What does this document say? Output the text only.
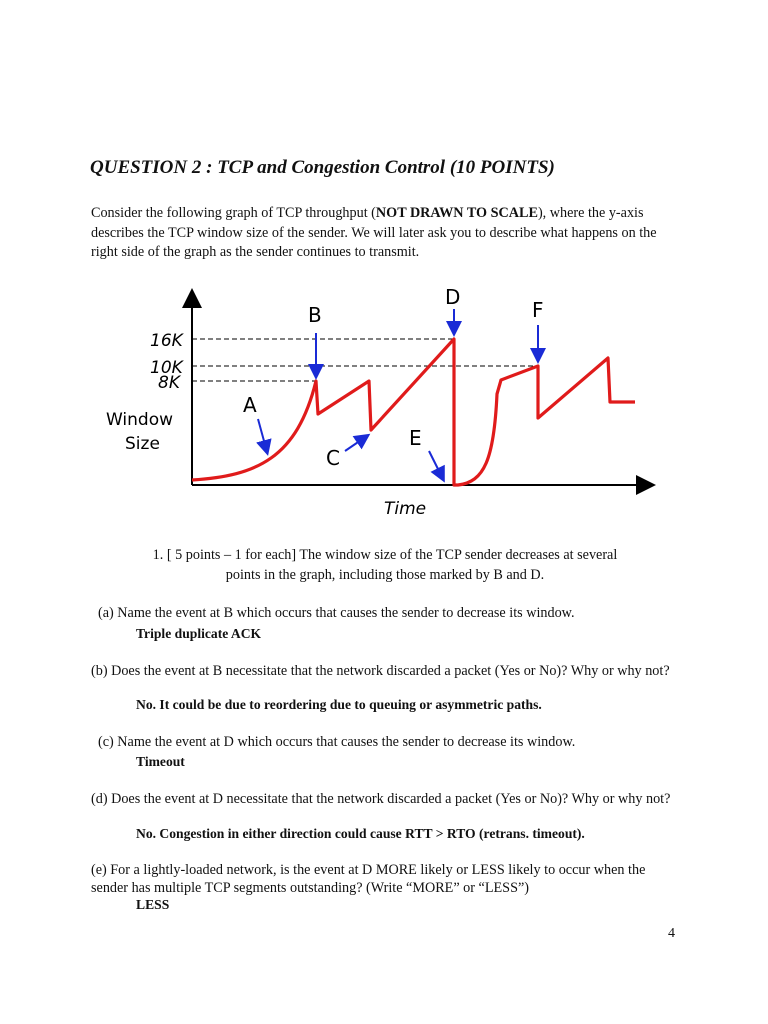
QUESTION 2 : TCP and Congestion Control (10 POINTS)
Consider the following graph of TCP throughput (NOT DRAWN TO SCALE), where the y-axis describes the TCP window size of the sender. We will later ask you to describe what happens on the right side of the graph as the sender continues to transmit.
16K
10K
8K
Window
Size
Time
A
B
C
D
E
F
1. [ 5 points – 1 for each] The window size of the TCP sender decreases at several
points in the graph, including those marked by B and D.
(a) Name the event at B which occurs that causes the sender to decrease its window.
Triple duplicate ACK
(b) Does the event at B necessitate that the network discarded a packet (Yes or No)? Why or why not?
No. It could be due to reordering due to queuing or asymmetric paths.
(c) Name the event at D which occurs that causes the sender to decrease its window.
Timeout
(d) Does the event at D necessitate that the network discarded a packet (Yes or No)? Why or why not?
No. Congestion in either direction could cause RTT > RTO (retrans. timeout).
(e) For a lightly-loaded network, is the event at D MORE likely or LESS likely to occur when the sender has multiple TCP segments outstanding? (Write “MORE” or “LESS”)
LESS
4
